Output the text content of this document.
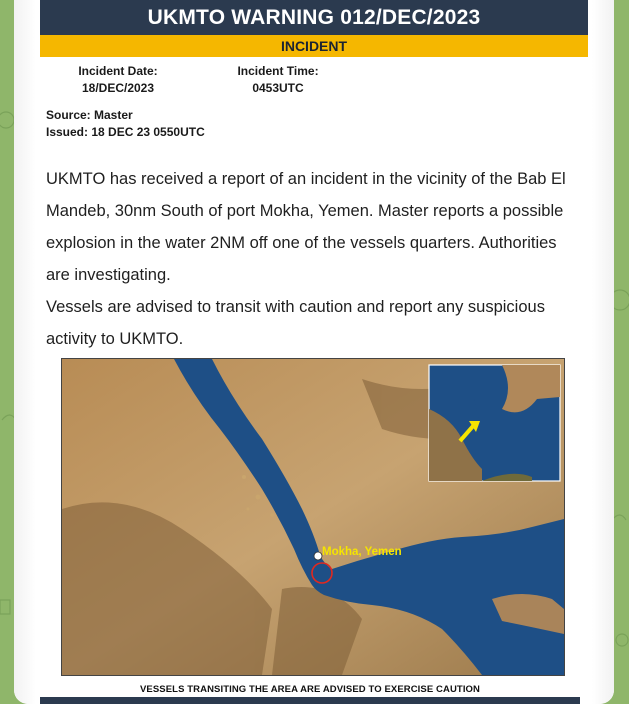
UKMTO WARNING 012/DEC/2023
INCIDENT
Incident Date:
18/DEC/2023
Incident Time:
0453UTC
Source: Master
Issued: 18 DEC 23 0550UTC

UKMTO has received a report of an incident in the vicinity of the Bab El Mandeb, 30nm South of port Mokha, Yemen. Master reports a possible explosion in the water 2NM off one of the vessels quarters. Authorities are investigating.

Vessels are advised to transit with caution and report any suspicious activity to UKMTO.

Mokha, Yemen
VESSELS TRANSITING THE AREA ARE ADVISED TO EXERCISE CAUTION
